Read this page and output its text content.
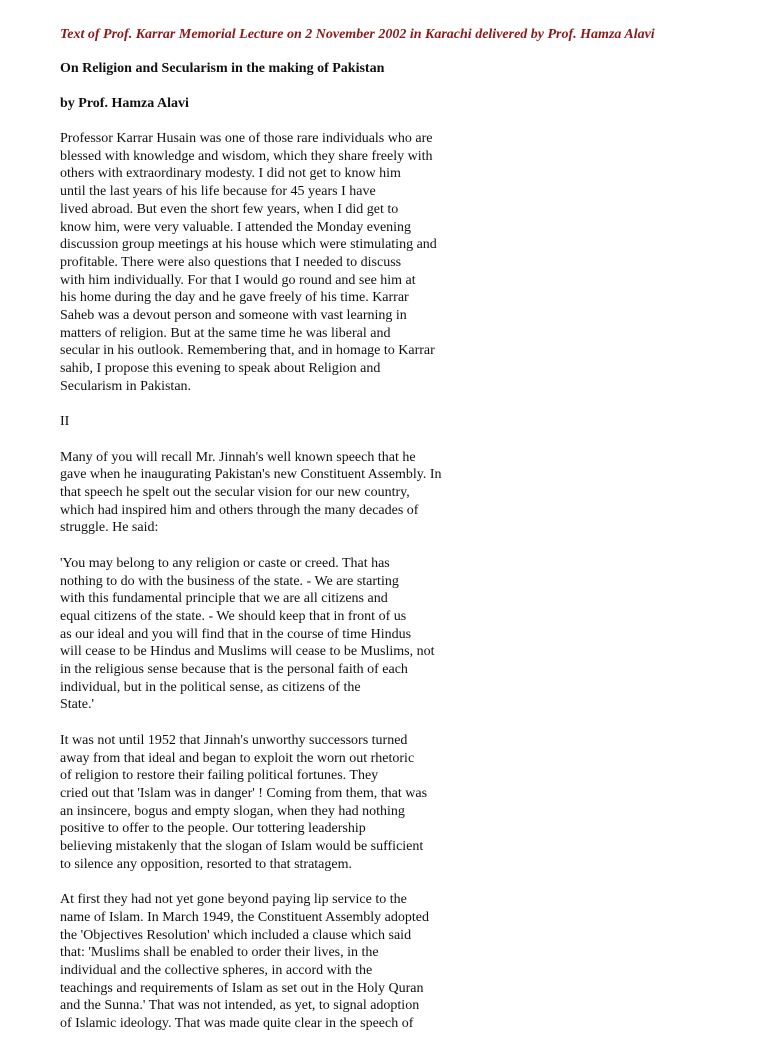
Text of Prof. Karrar Memorial Lecture on 2 November 2002 in Karachi delivered by Prof. Hamza Alavi
On Religion and Secularism in the making of Pakistan
by Prof. Hamza Alavi
Professor Karrar Husain was one of those rare individuals who are
blessed with knowledge and wisdom, which they share freely with
others with extraordinary modesty. I did not get to know him
until the last years of his life because for 45 years I have
lived abroad. But even the short few years, when I did get to
know him, were very valuable. I attended the Monday evening
discussion group meetings at his house which were stimulating and
profitable. There were also questions that I needed to discuss
with him individually. For that I would go round and see him at
his home during the day and he gave freely of his time. Karrar
Saheb was a devout person and someone with vast learning in
matters of religion. But at the same time he was liberal and
secular in his outlook. Remembering that, and in homage to Karrar
sahib, I propose this evening to speak about Religion and
Secularism in Pakistan.
II
Many of you will recall Mr. Jinnah's well known speech that he
gave when he inaugurating Pakistan's new Constituent Assembly. In
that speech he spelt out the secular vision for our new country,
which had inspired him and others through the many decades of
struggle. He said:
'You may belong to any religion or caste or creed. That has
nothing to do with the business of the state. - We are starting
with this fundamental principle that we are all citizens and
equal citizens of the state. - We should keep that in front of us
as our ideal and you will find that in the course of time Hindus
will cease to be Hindus and Muslims will cease to be Muslims, not
in the religious sense because that is the personal faith of each
individual, but in the political sense, as citizens of the
State.'
It was not until 1952 that Jinnah's unworthy successors turned
away from that ideal and began to exploit the worn out rhetoric
of religion to restore their failing political fortunes. They
cried out that 'Islam was in danger' ! Coming from them, that was
an insincere, bogus and empty slogan, when they had nothing
positive to offer to the people. Our tottering leadership
believing mistakenly that the slogan of Islam would be sufficient
to silence any opposition, resorted to that stratagem.
At first they had not yet gone beyond paying lip service to the
name of Islam. In March 1949, the Constituent Assembly adopted
the 'Objectives Resolution' which included a clause which said
that: 'Muslims shall be enabled to order their lives, in the
individual and the collective spheres, in accord with the
teachings and requirements of Islam as set out in the Holy Quran
and the Sunna.' That was not intended, as yet, to signal adoption
of Islamic ideology. That was made quite clear in the speech of
